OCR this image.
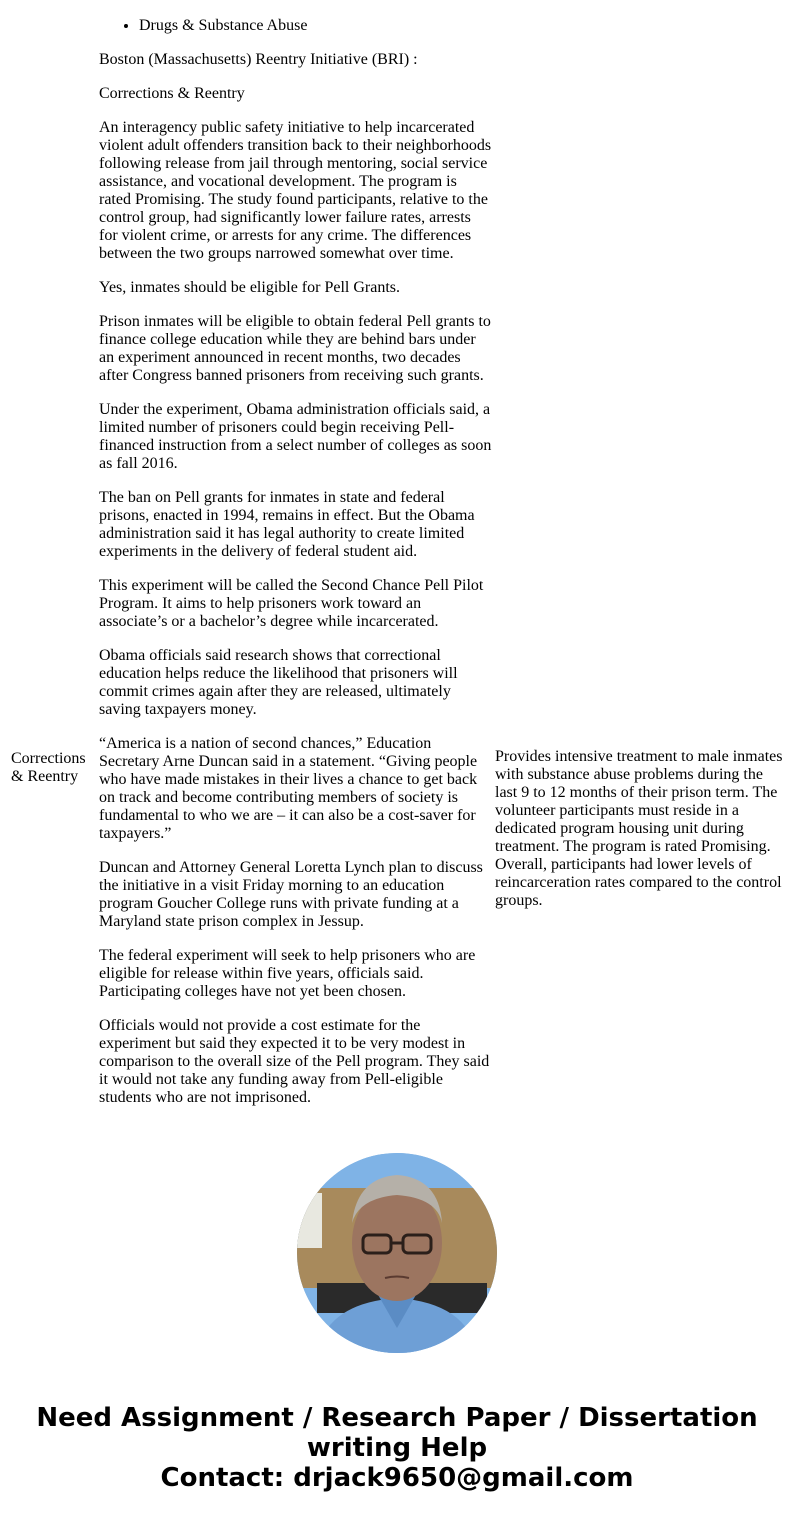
• Drugs & Substance Abuse
Corrections & Reentry

Boston (Massachusetts) Reentry Initiative (BRI) :

Corrections & Reentry

An interagency public safety initiative to help incarcerated violent adult offenders transition back to their neighborhoods following release from jail through mentoring, social service assistance, and vocational development. The program is rated Promising. The study found participants, relative to the control group, had significantly lower failure rates, arrests for violent crime, or arrests for any crime. The differences between the two groups narrowed somewhat over time.

Yes, inmates should be eligible for Pell Grants.

Prison inmates will be eligible to obtain federal Pell grants to finance college education while they are behind bars under an experiment announced in recent months, two decades after Congress banned prisoners from receiving such grants.

Under the experiment, Obama administration officials said, a limited number of prisoners could begin receiving Pell-financed instruction from a select number of colleges as soon as fall 2016.

The ban on Pell grants for inmates in state and federal prisons, enacted in 1994, remains in effect. But the Obama administration said it has legal authority to create limited experiments in the delivery of federal student aid.

This experiment will be called the Second Chance Pell Pilot Program. It aims to help prisoners work toward an associate’s or a bachelor’s degree while incarcerated.

Obama officials said research shows that correctional education helps reduce the likelihood that prisoners will commit crimes again after they are released, ultimately saving taxpayers money.

“America is a nation of second chances,” Education Secretary Arne Duncan said in a statement. “Giving people who have made mistakes in their lives a chance to get back on track and become contributing members of society is fundamental to who we are – it can also be a cost-saver for taxpayers.”

Duncan and Attorney General Loretta Lynch plan to discuss the initiative in a visit Friday morning to an education program Goucher College runs with private funding at a Maryland state prison complex in Jessup.

The federal experiment will seek to help prisoners who are eligible for release within five years, officials said. Participating colleges have not yet been chosen.

Officials would not provide a cost estimate for the experiment but said they expected it to be very modest in comparison to the overall size of the Pell program. They said it would not take any funding away from Pell-eligible students who are not imprisoned.

Provides intensive treatment to male inmates with substance abuse problems during the last 9 to 12 months of their prison term. The volunteer participants must reside in a dedicated program housing unit during treatment. The program is rated Promising. Overall, participants had lower levels of reincarceration rates compared to the control groups.
Need Assignment / Research Paper / Dissertation
writing Help
Contact: drjack9650@gmail.com
